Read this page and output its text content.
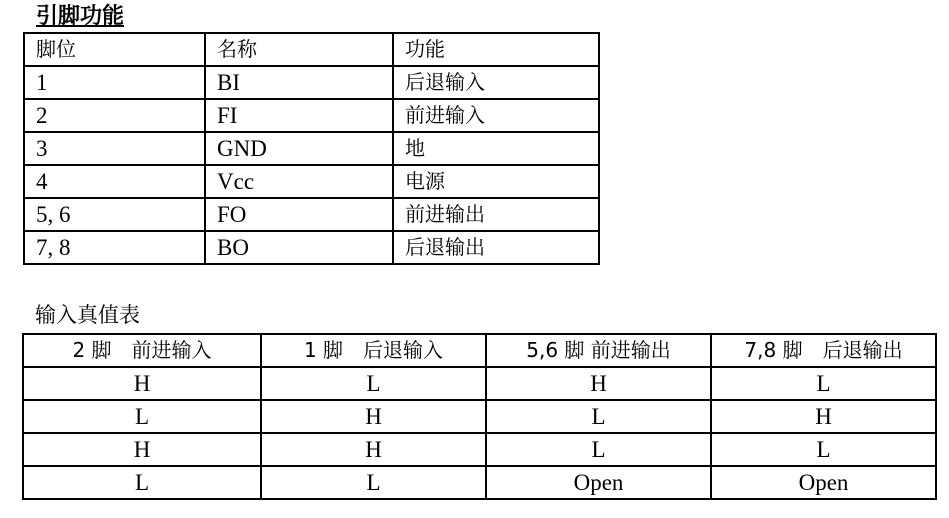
引脚功能
脚位	名称	功能
1	BI	后退输入
2	FI	前进输入
3	GND	地
4	Vcc	电源
5, 6	FO	前进输出
7, 8	BO	后退输出
输入真值表
2 脚　前进输入	1 脚　后退输入	5,6 脚 前进输出	7,8 脚　后退输出
H	L	H	L
L	H	L	H
H	H	L	L
L	L	Open	Open
